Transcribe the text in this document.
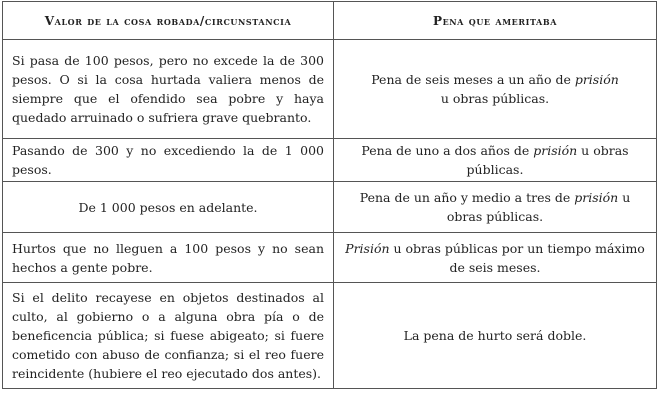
Valor de la cosa robada/circunstancia	Pena que ameritaba
Si pasa de 100 pesos, pero no excede la de 300 pesos. O si la cosa hurtada valiera menos de siempre que el ofendido sea pobre y haya quedado arruinado o sufriera grave quebranto.	Pena de seis meses a un año de prisión
u obras públicas.
Pasando de 300 y no excediendo la de 1 000 pesos.	Pena de uno a dos años de prisión u obras públicas.
De 1 000 pesos en adelante.	Pena de un año y medio a tres de prisión u obras públicas.
Hurtos que no lleguen a 100 pesos y no sean hechos a gente pobre.	Prisión u obras públicas por un tiempo máximo de seis meses.
Si el delito recayese en objetos destinados al culto, al gobierno o a alguna obra pía o de beneficencia pública; si fuese abigeato; si fuere cometido con abuso de confianza; si el reo fuere reincidente (hubiere el reo ejecutado dos antes).	La pena de hurto será doble.
